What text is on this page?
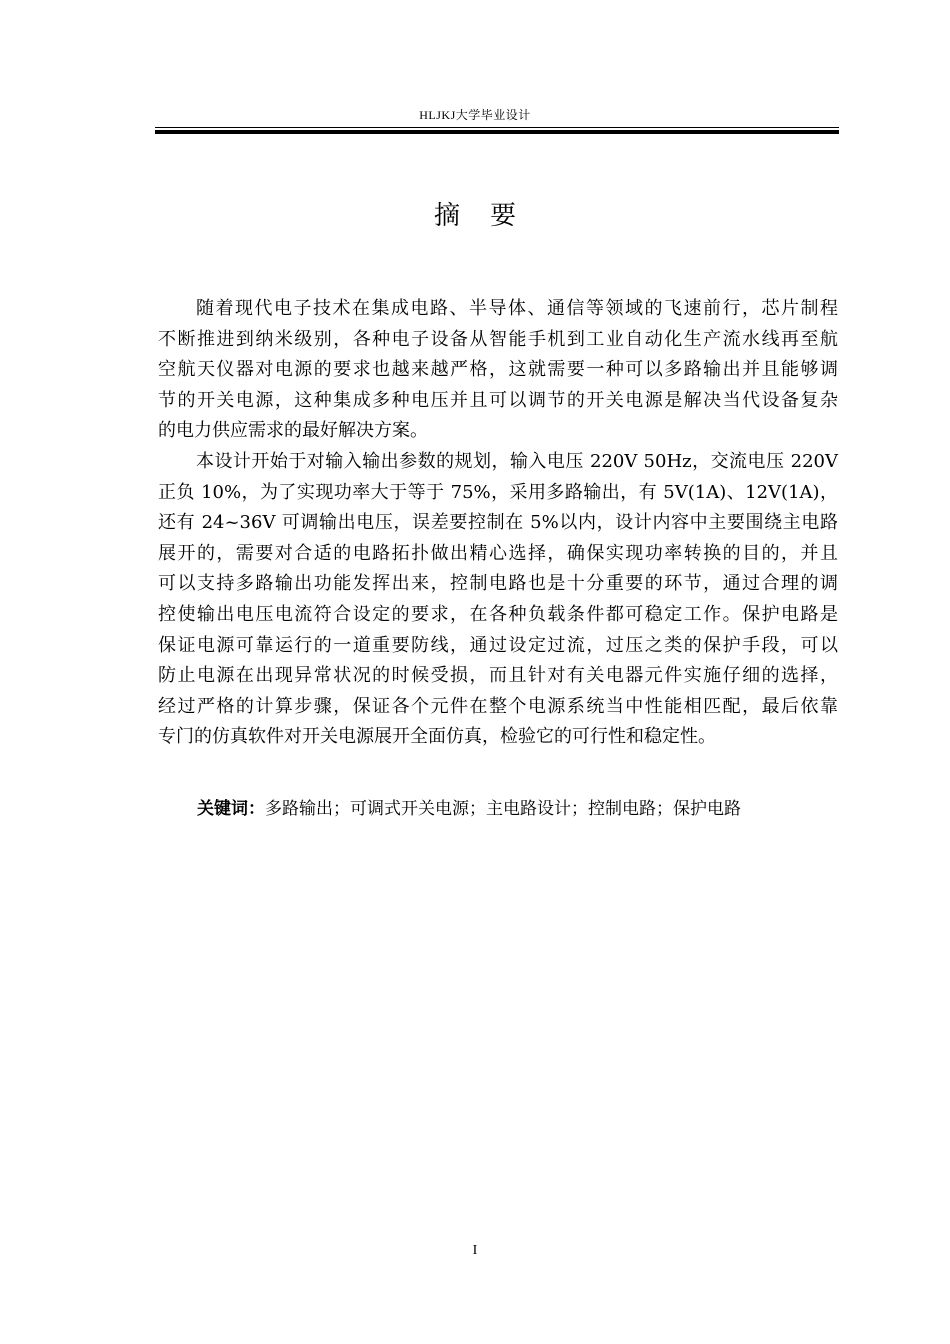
HLJKJ大学毕业设计
摘 要
随着现代电子技术在集成电路、半导体、通信等领域的飞速前行，芯片制程
不断推进到纳米级别，各种电子设备从智能手机到工业自动化生产流水线再至航
空航天仪器对电源的要求也越来越严格，这就需要一种可以多路输出并且能够调
节的开关电源，这种集成多种电压并且可以调节的开关电源是解决当代设备复杂
的电力供应需求的最好解决方案。
本设计开始于对输入输出参数的规划，输入电压 220V 50Hz，交流电压 220V
正负 10%，为了实现功率大于等于 75%，采用多路输出，有 5V(1A)、12V(1A)，
还有 24~36V 可调输出电压，误差要控制在 5%以内，设计内容中主要围绕主电路
展开的，需要对合适的电路拓扑做出精心选择，确保实现功率转换的目的，并且
可以支持多路输出功能发挥出来，控制电路也是十分重要的环节，通过合理的调
控使输出电压电流符合设定的要求，在各种负载条件都可稳定工作。保护电路是
保证电源可靠运行的一道重要防线，通过设定过流，过压之类的保护手段，可以
防止电源在出现异常状况的时候受损，而且针对有关电器元件实施仔细的选择，
经过严格的计算步骤，保证各个元件在整个电源系统当中性能相匹配，最后依靠
专门的仿真软件对开关电源展开全面仿真，检验它的可行性和稳定性。
关键词：多路输出；可调式开关电源；主电路设计；控制电路；保护电路
I
